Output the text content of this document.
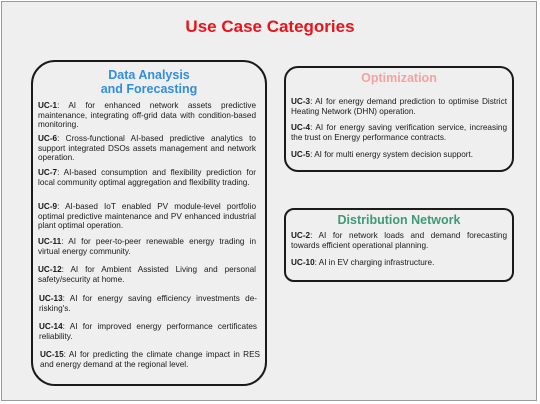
Use Case Categories
Data Analysis
and Forecasting
UC-1: AI for enhanced network assets predictive maintenance, integrating off-grid data with condition-based monitoring.
UC-6: Cross-functional AI-based predictive analytics to support integrated DSOs assets management and network operation.
UC-7: AI-based consumption and flexibility prediction for local community optimal aggregation and flexibility trading.
UC-9: AI-based IoT enabled PV module-level portfolio optimal predictive maintenance and PV enhanced industrial plant optimal operation.
UC-11: AI for peer-to-peer renewable energy trading in virtual energy community.
UC-12: AI for Ambient Assisted Living and personal safety/security at home.
UC-13: AI for energy saving efficiency investments de-risking's.
UC-14: AI for improved energy performance certificates reliability.
UC-15: AI for predicting the climate change impact in RES and energy demand at the regional level.
Optimization
UC-3: AI for energy demand prediction to optimise District Heating Network (DHN) operation.
UC-4: AI for energy saving verification service, increasing the trust on Energy performance contracts.
UC-5: AI for multi energy system decision support.
Distribution Network
UC-2: AI for network loads and demand forecasting towards efficient operational planning.
UC-10: AI in EV charging infrastructure.
